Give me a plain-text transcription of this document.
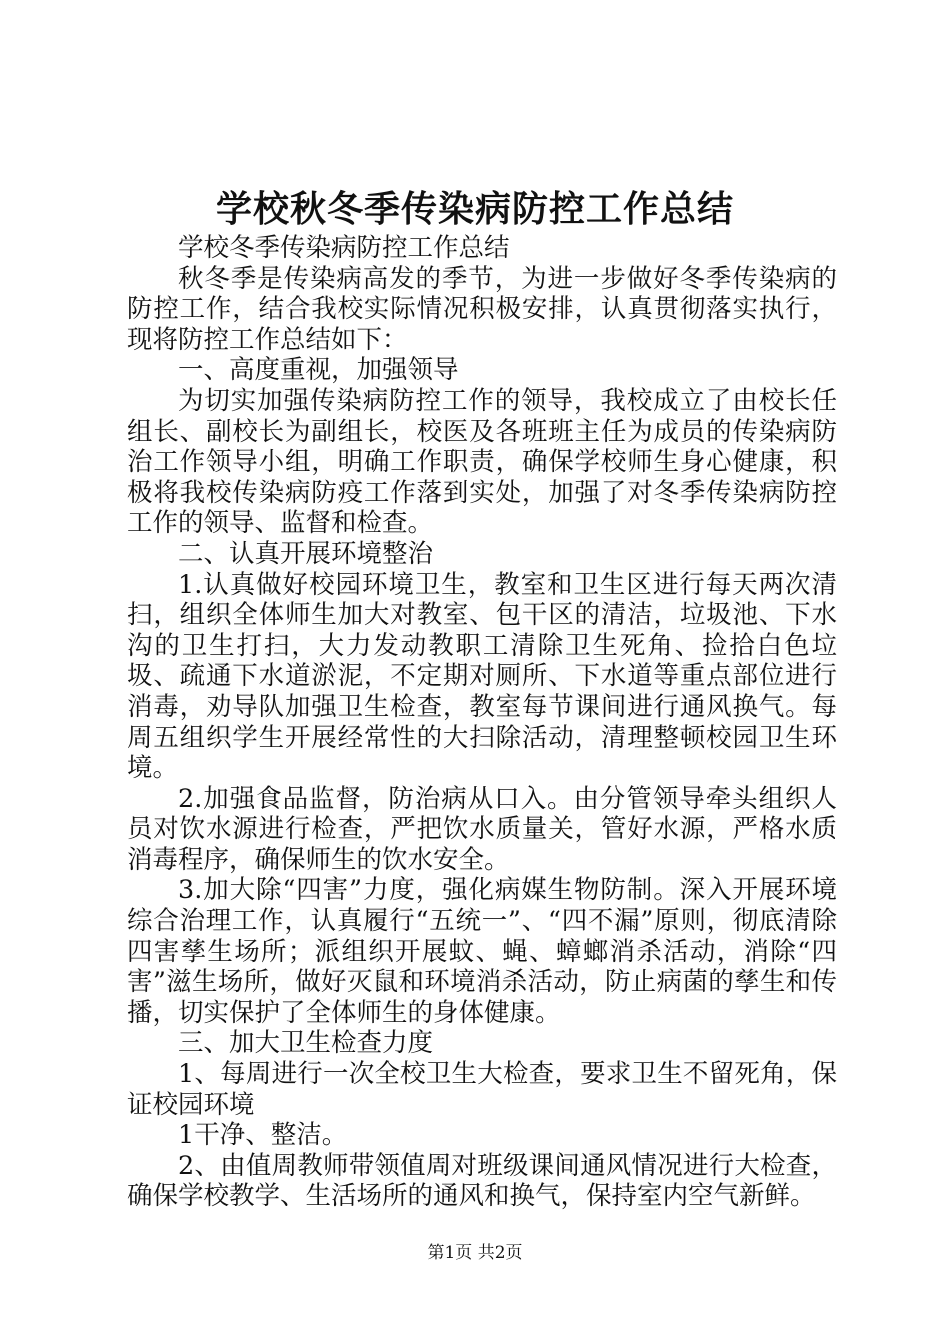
学校秋冬季传染病防控工作总结

学校冬季传染病防控工作总结

秋冬季是传染病高发的季节，为进一步做好冬季传染病的防控工作，结合我校实际情况积极安排，认真贯彻落实执行，现将防控工作总结如下：

一、高度重视，加强领导

为切实加强传染病防控工作的领导，我校成立了由校长任组长、副校长为副组长，校医及各班班主任为成员的传染病防治工作领导小组，明确工作职责，确保学校师生身心健康，积极将我校传染病防疫工作落到实处，加强了对冬季传染病防控工作的领导、监督和检查。

二、认真开展环境整治

1.认真做好校园环境卫生，教室和卫生区进行每天两次清扫，组织全体师生加大对教室、包干区的清洁，垃圾池、下水沟的卫生打扫，大力发动教职工清除卫生死角、捡拾白色垃圾、疏通下水道淤泥，不定期对厕所、下水道等重点部位进行消毒，劝导队加强卫生检查，教室每节课间进行通风换气。每周五组织学生开展经常性的大扫除活动，清理整顿校园卫生环境。

2.加强食品监督，防治病从口入。由分管领导牵头组织人员对饮水源进行检查，严把饮水质量关，管好水源，严格水质消毒程序，确保师生的饮水安全。

3.加大除“四害”力度，强化病媒生物防制。深入开展环境综合治理工作，认真履行“五统一”、“四不漏”原则，彻底清除四害孳生场所；派组织开展蚊、蝇、蟑螂消杀活动，消除“四害”滋生场所，做好灭鼠和环境消杀活动，防止病菌的孳生和传播，切实保护了全体师生的身体健康。

三、加大卫生检查力度

1、每周进行一次全校卫生大检查，要求卫生不留死角，保证校园环境

1干净、整洁。

2、由值周教师带领值周对班级课间通风情况进行大检查，确保学校教学、生活场所的通风和换气，保持室内空气新鲜。

第1页 共2页
